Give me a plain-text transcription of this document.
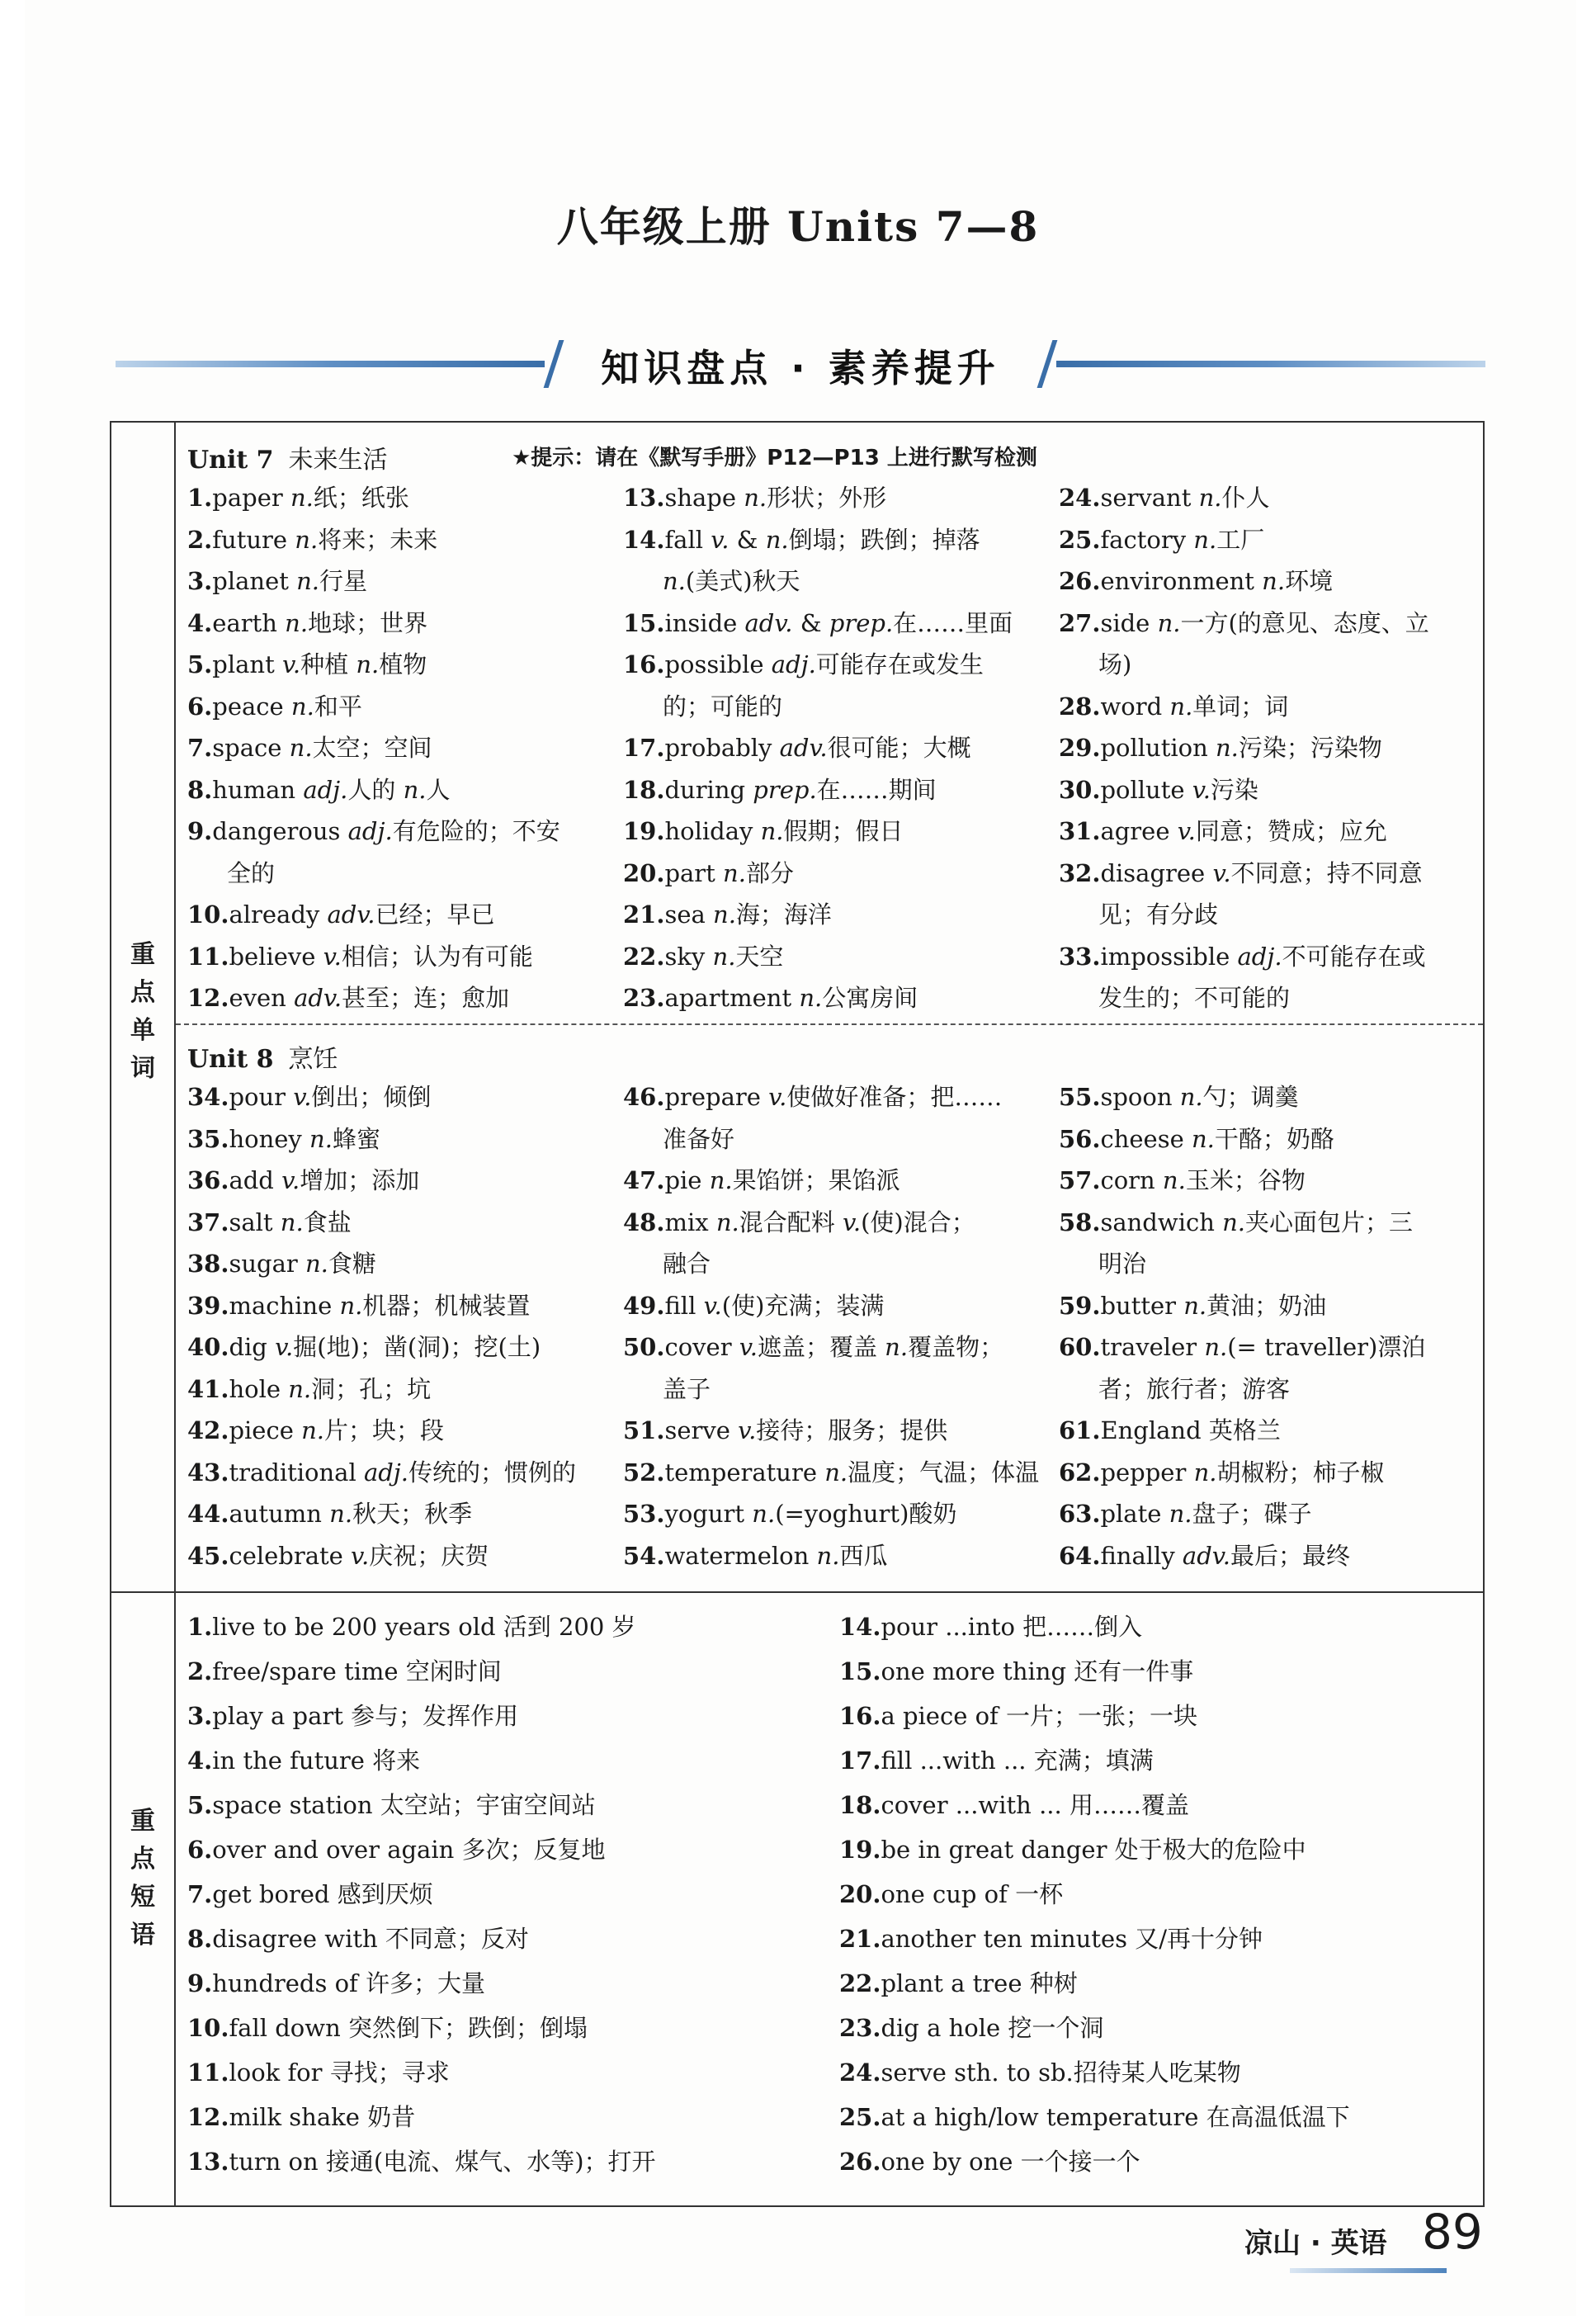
八年级上册 Units 7—8
知识盘点 · 素养提升
重
点
单
词
重
点
短
语
Unit 7 未来生活	★提示：请在《默写手册》P12—P13 上进行默写检测
1.paper n.纸；纸张
2.future n.将来；未来
3.planet n.行星
4.earth n.地球；世界
5.plant v.种植 n.植物
6.peace n.和平
7.space n.太空；空间
8.human adj.人的 n.人
9.dangerous adj.有危险的；不安
全的
10.already adv.已经；早已
11.believe v.相信；认为有可能
12.even adv.甚至；连；愈加
13.shape n.形状；外形
14.fall v. & n.倒塌；跌倒；掉落
n.(美式)秋天
15.inside adv. & prep.在……里面
16.possible adj.可能存在或发生
的；可能的
17.probably adv.很可能；大概
18.during prep.在……期间
19.holiday n.假期；假日
20.part n.部分
21.sea n.海；海洋
22.sky n.天空
23.apartment n.公寓房间
24.servant n.仆人
25.factory n.工厂
26.environment n.环境
27.side n.一方(的意见、态度、立
场)
28.word n.单词；词
29.pollution n.污染；污染物
30.pollute v.污染
31.agree v.同意；赞成；应允
32.disagree v.不同意；持不同意
见；有分歧
33.impossible adj.不可能存在或
发生的；不可能的
Unit 8 烹饪
34.pour v.倒出；倾倒
35.honey n.蜂蜜
36.add v.增加；添加
37.salt n.食盐
38.sugar n.食糖
39.machine n.机器；机械装置
40.dig v.掘(地)；凿(洞)；挖(土)
41.hole n.洞；孔；坑
42.piece n.片；块；段
43.traditional adj.传统的；惯例的
44.autumn n.秋天；秋季
45.celebrate v.庆祝；庆贺
46.prepare v.使做好准备；把……
准备好
47.pie n.果馅饼；果馅派
48.mix n.混合配料 v.(使)混合；
融合
49.fill v.(使)充满；装满
50.cover v.遮盖；覆盖 n.覆盖物；
盖子
51.serve v.接待；服务；提供
52.temperature n.温度；气温；体温
53.yogurt n.(=yoghurt)酸奶
54.watermelon n.西瓜
55.spoon n.勺；调羹
56.cheese n.干酪；奶酪
57.corn n.玉米；谷物
58.sandwich n.夹心面包片；三
明治
59.butter n.黄油；奶油
60.traveler n.(= traveller)漂泊
者；旅行者；游客
61.England 英格兰
62.pepper n.胡椒粉；柿子椒
63.plate n.盘子；碟子
64.finally adv.最后；最终
1.live to be 200 years old 活到 200 岁
2.free/spare time 空闲时间
3.play a part 参与；发挥作用
4.in the future 将来
5.space station 太空站；宇宙空间站
6.over and over again 多次；反复地
7.get bored 感到厌烦
8.disagree with 不同意；反对
9.hundreds of 许多；大量
10.fall down 突然倒下；跌倒；倒塌
11.look for 寻找；寻求
12.milk shake 奶昔
13.turn on 接通(电流、煤气、水等)；打开
14.pour ...into 把……倒入
15.one more thing 还有一件事
16.a piece of 一片；一张；一块
17.fill ...with ... 充满；填满
18.cover ...with ... 用……覆盖
19.be in great danger 处于极大的危险中
20.one cup of 一杯
21.another ten minutes 又/再十分钟
22.plant a tree 种树
23.dig a hole 挖一个洞
24.serve sth. to sb.招待某人吃某物
25.at a high/low temperature 在高温低温下
26.one by one 一个接一个
凉山 · 英语 89
